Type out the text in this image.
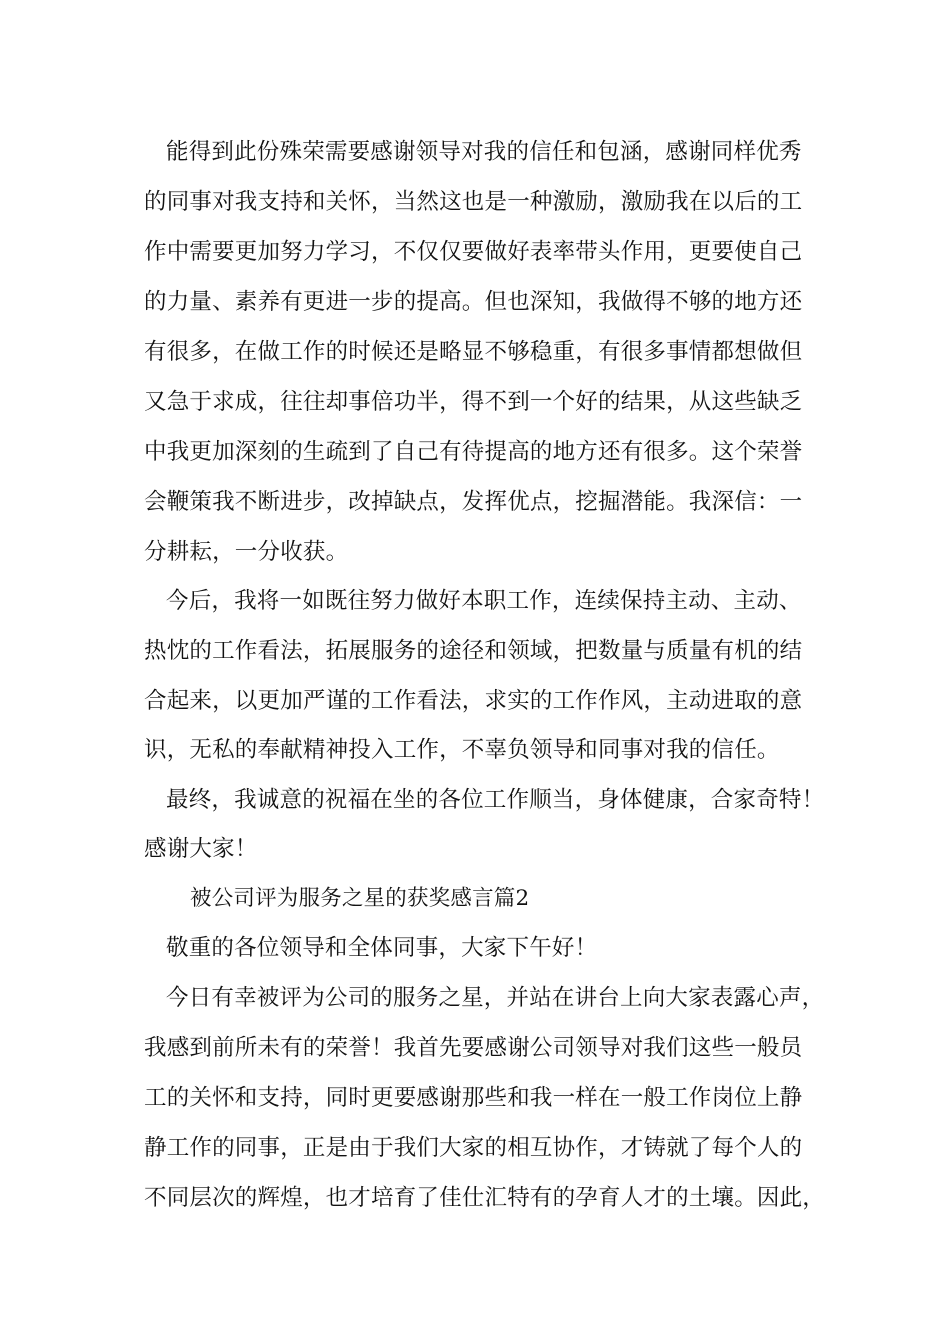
能得到此份殊荣需要感谢领导对我的信任和包涵，感谢同样优秀
的同事对我支持和关怀，当然这也是一种激励，激励我在以后的工
作中需要更加努力学习，不仅仅要做好表率带头作用，更要使自己
的力量、素养有更进一步的提高。但也深知，我做得不够的地方还
有很多，在做工作的时候还是略显不够稳重，有很多事情都想做但
又急于求成，往往却事倍功半，得不到一个好的结果，从这些缺乏
中我更加深刻的生疏到了自己有待提高的地方还有很多。这个荣誉
会鞭策我不断进步，改掉缺点，发挥优点，挖掘潜能。我深信：一
分耕耘，一分收获。
今后，我将一如既往努力做好本职工作，连续保持主动、主动、
热忱的工作看法，拓展服务的途径和领域，把数量与质量有机的结
合起来，以更加严谨的工作看法，求实的工作作风，主动进取的意
识，无私的奉献精神投入工作，不辜负领导和同事对我的信任。
最终，我诚意的祝福在坐的各位工作顺当，身体健康，合家奇特！
感谢大家！
被公司评为服务之星的获奖感言篇2
敬重的各位领导和全体同事，大家下午好！
今日有幸被评为公司的服务之星，并站在讲台上向大家表露心声，
我感到前所未有的荣誉！我首先要感谢公司领导对我们这些一般员
工的关怀和支持，同时更要感谢那些和我一样在一般工作岗位上静
静工作的同事，正是由于我们大家的相互协作，才铸就了每个人的
不同层次的辉煌，也才培育了佳仕汇特有的孕育人才的土壤。因此，
